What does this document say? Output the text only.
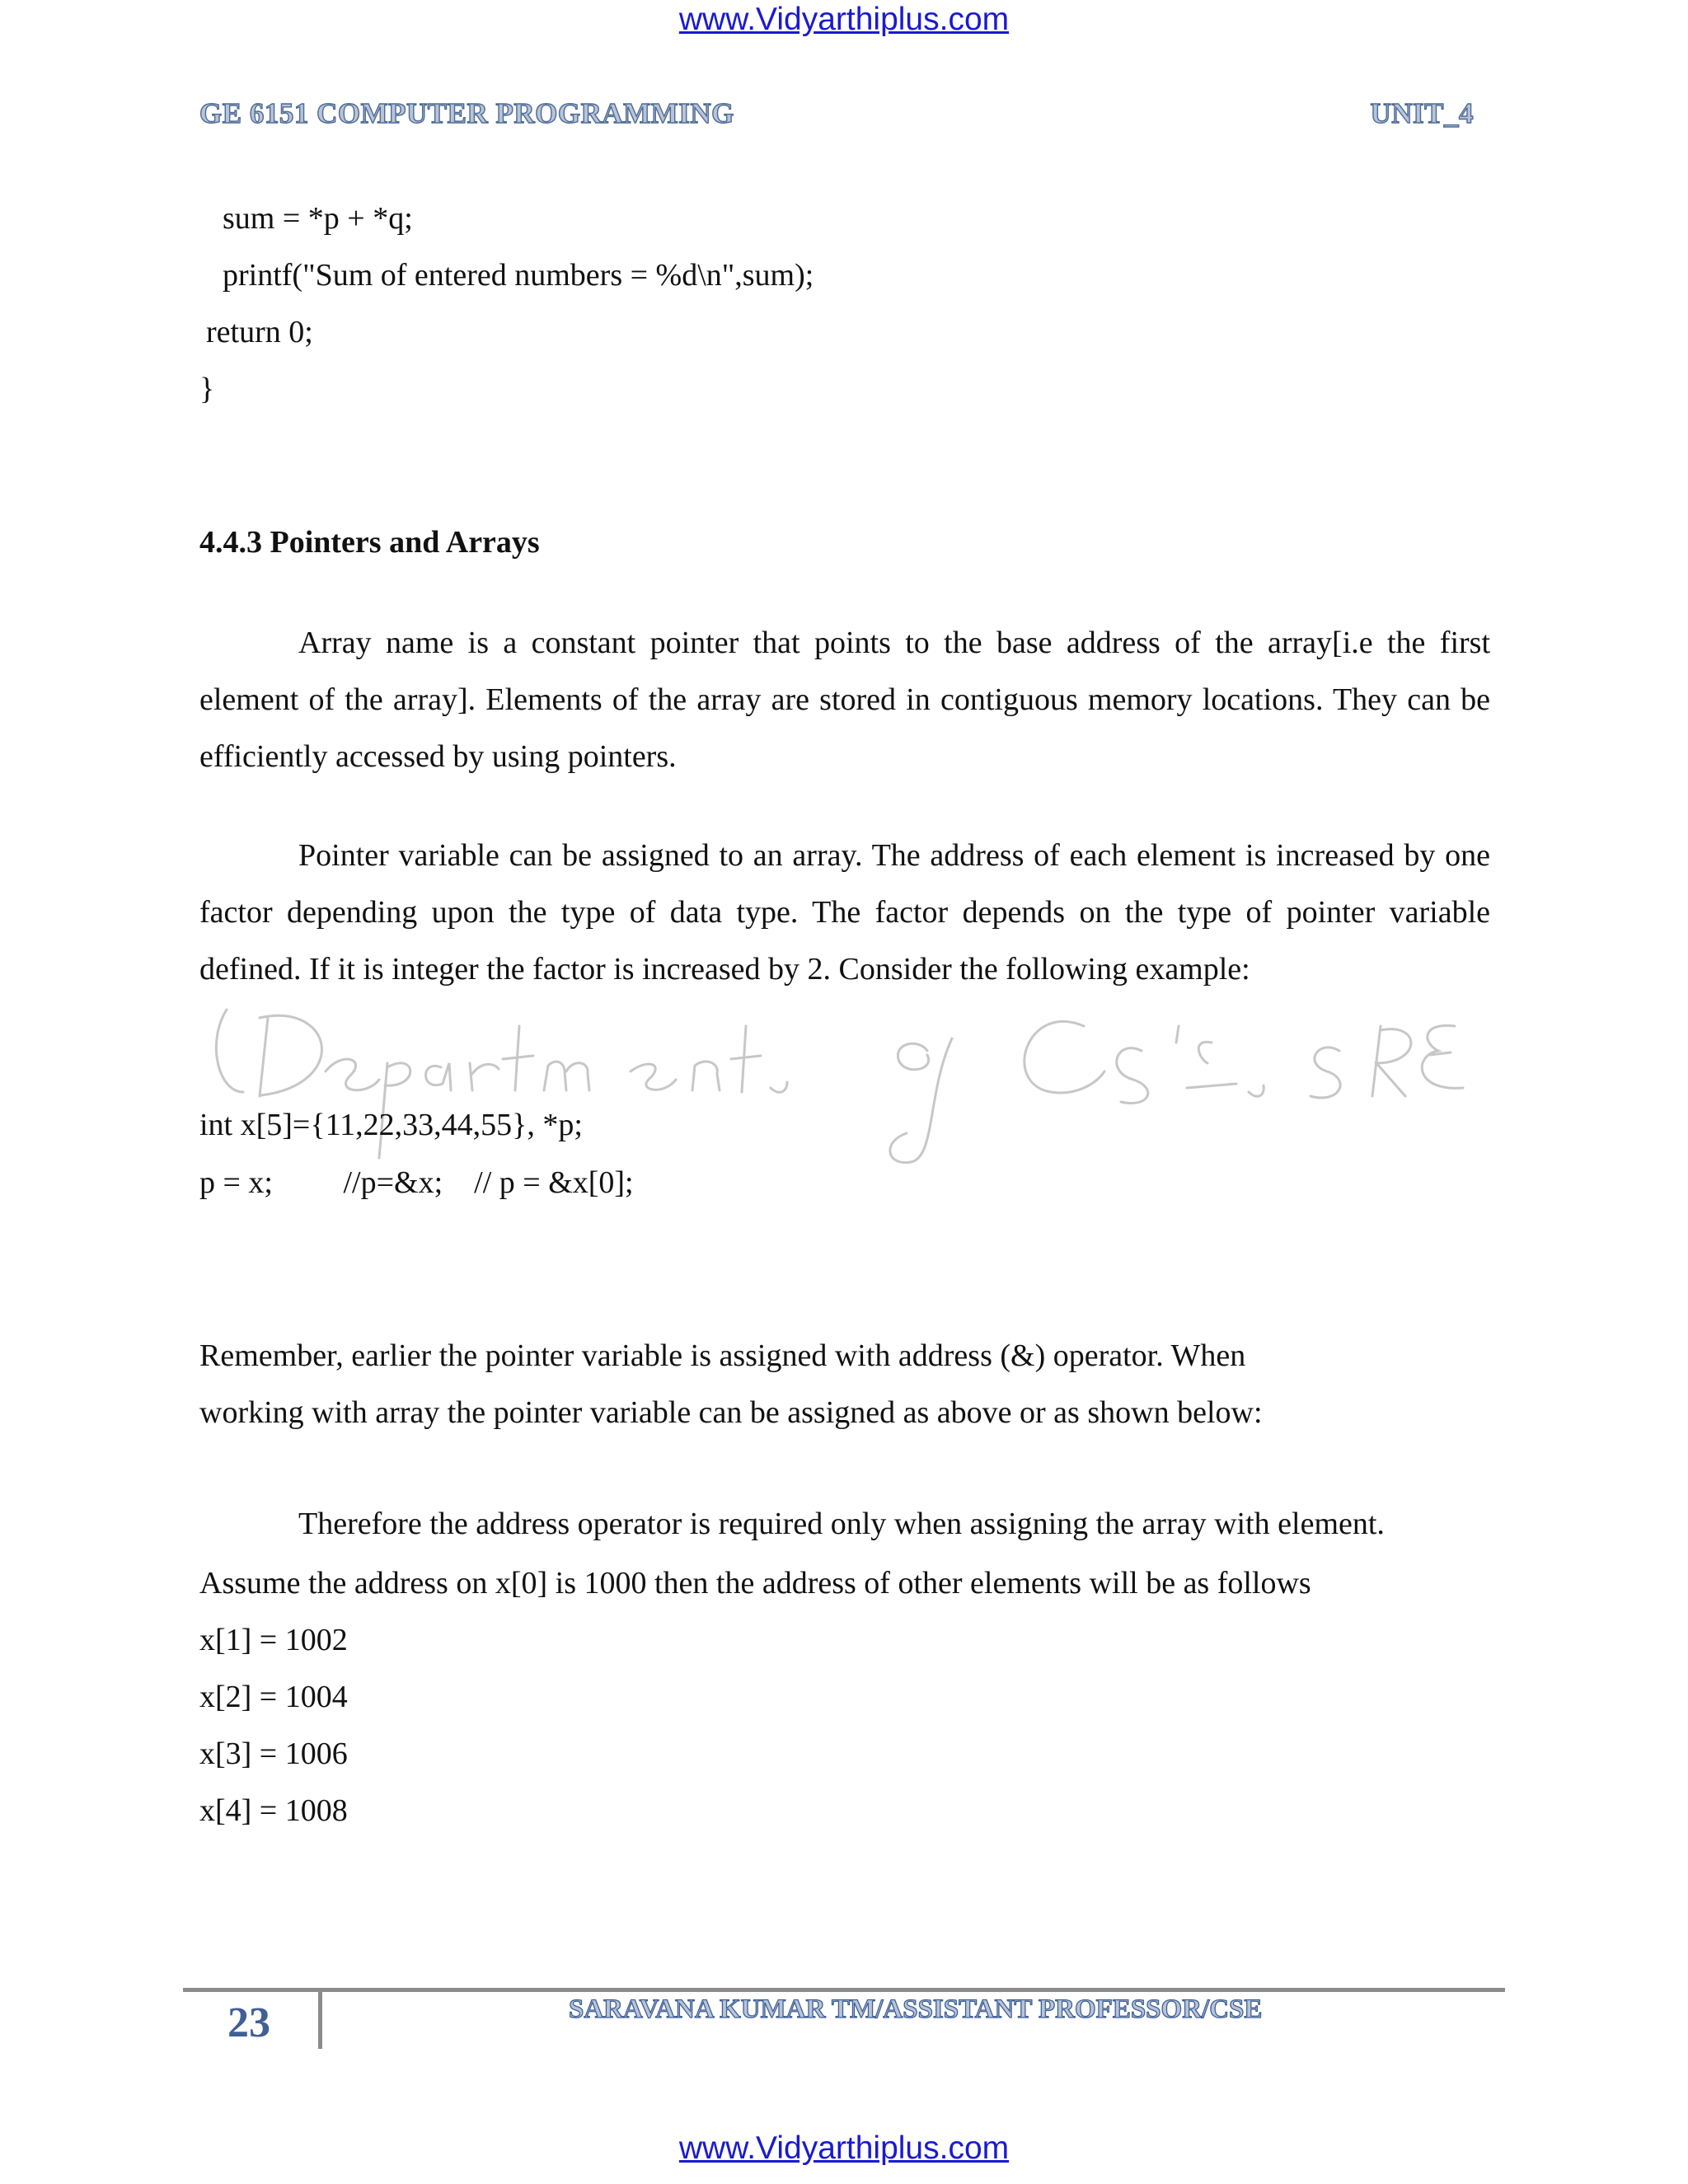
www.Vidyarthiplus.com
GE 6151 COMPUTER PROGRAMMING	UNIT_4
sum = *p + *q;
printf("Sum of entered numbers = %d\n",sum);
return 0;
}
4.4.3 Pointers and Arrays
Array name is a constant pointer that points to the base address of the array[i.e the first element of the array]. Elements of the array are stored in contiguous memory locations. They can be efficiently accessed by using pointers.
Pointer variable can be assigned to an array. The address of each element is increased by one factor depending upon the type of data type. The factor depends on the type of pointer variable defined. If it is integer the factor is increased by 2. Consider the following example:
int x[5]={11,22,33,44,55}, *p;
p = x;         //p=&x;    // p = &x[0];
Remember, earlier the pointer variable is assigned with address (&) operator. When
working with array the pointer variable can be assigned as above or as shown below:
Therefore the address operator is required only when assigning the array with element.
Assume the address on x[0] is 1000 then the address of other elements will be as follows
x[1] = 1002
x[2] = 1004
x[3] = 1006
x[4] = 1008
23	SARAVANA KUMAR TM/ASSISTANT PROFESSOR/CSE
www.Vidyarthiplus.com
